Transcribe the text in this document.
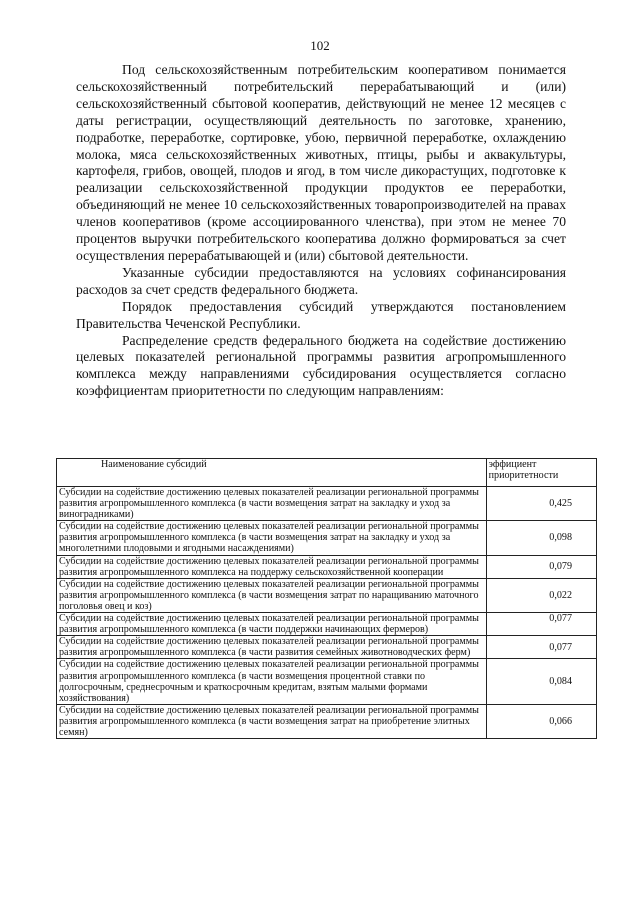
102

Под сельскохозяйственным потребительским кооперативом понимается сельскохозяйственный потребительский перерабатывающий и (или) сельскохозяйственный сбытовой кооператив, действующий не менее 12 месяцев с даты регистрации, осуществляющий деятельность по заготовке, хранению, подработке, переработке, сортировке, убою, первичной переработке, охлаждению молока, мяса сельскохозяйственных животных, птицы, рыбы и аквакультуры, картофеля, грибов, овощей, плодов и ягод, в том числе дикорастущих, подготовке к реализации сельскохозяйственной продукции продуктов ее переработки, объединяющий не менее 10 сельскохозяйственных товаропроизводителей на правах членов кооперативов (кроме ассоциированного членства), при этом не менее 70 процентов выручки потребительского кооператива должно формироваться за счет осуществления перерабатывающей и (или) сбытовой деятельности.

Указанные субсидии предоставляются на условиях софинансирования расходов за счет средств федерального бюджета.

Порядок предоставления субсидий утверждаются постановлением Правительства Чеченской Республики.

Распределение средств федерального бюджета на содействие достижению целевых показателей региональной программы развития агропромышленного комплекса между направлениями субсидирования осуществляется согласно коэффициентам приоритетности по следующим направлениям:

Наименование субсидий	эффициент приоритетности
Субсидии на содействие достижению целевых показателей реализации региональной программы развития агропромышленного комплекса (в части возмещения затрат на закладку и уход за виноградниками)	0,425
Субсидии на содействие достижению целевых показателей реализации региональной программы развития агропромышленного комплекса (в части возмещения затрат на закладку и уход за многолетними плодовыми и ягодными насаждениями)	0,098
Субсидии на содействие достижению целевых показателей реализации региональной программы развития агропромышленного комплекса на поддержу сельскохозяйственной кооперации	0,079
Субсидии на содействие достижению целевых показателей реализации региональной программы развития агропромышленного комплекса (в части возмещения затрат по наращиванию маточного поголовья овец и коз)	0,022
Субсидии на содействие достижению целевых показателей реализации региональной программы развития агропромышленного комплекса (в части поддержки начинающих фермеров)	0,077
Субсидии на содействие достижению целевых показателей реализации региональной программы развития агропромышленного комплекса (в части развития семейных животноводческих ферм)	0,077
Субсидии на содействие достижению целевых показателей реализации региональной программы развития агропромышленного комплекса (в части возмещения процентной ставки по долгосрочным, среднесрочным и краткосрочным кредитам, взятым малыми формами хозяйствования)	0,084
Субсидии на содействие достижению целевых показателей реализации региональной программы развития агропромышленного комплекса (в части возмещения затрат на приобретение элитных семян)	0,066
